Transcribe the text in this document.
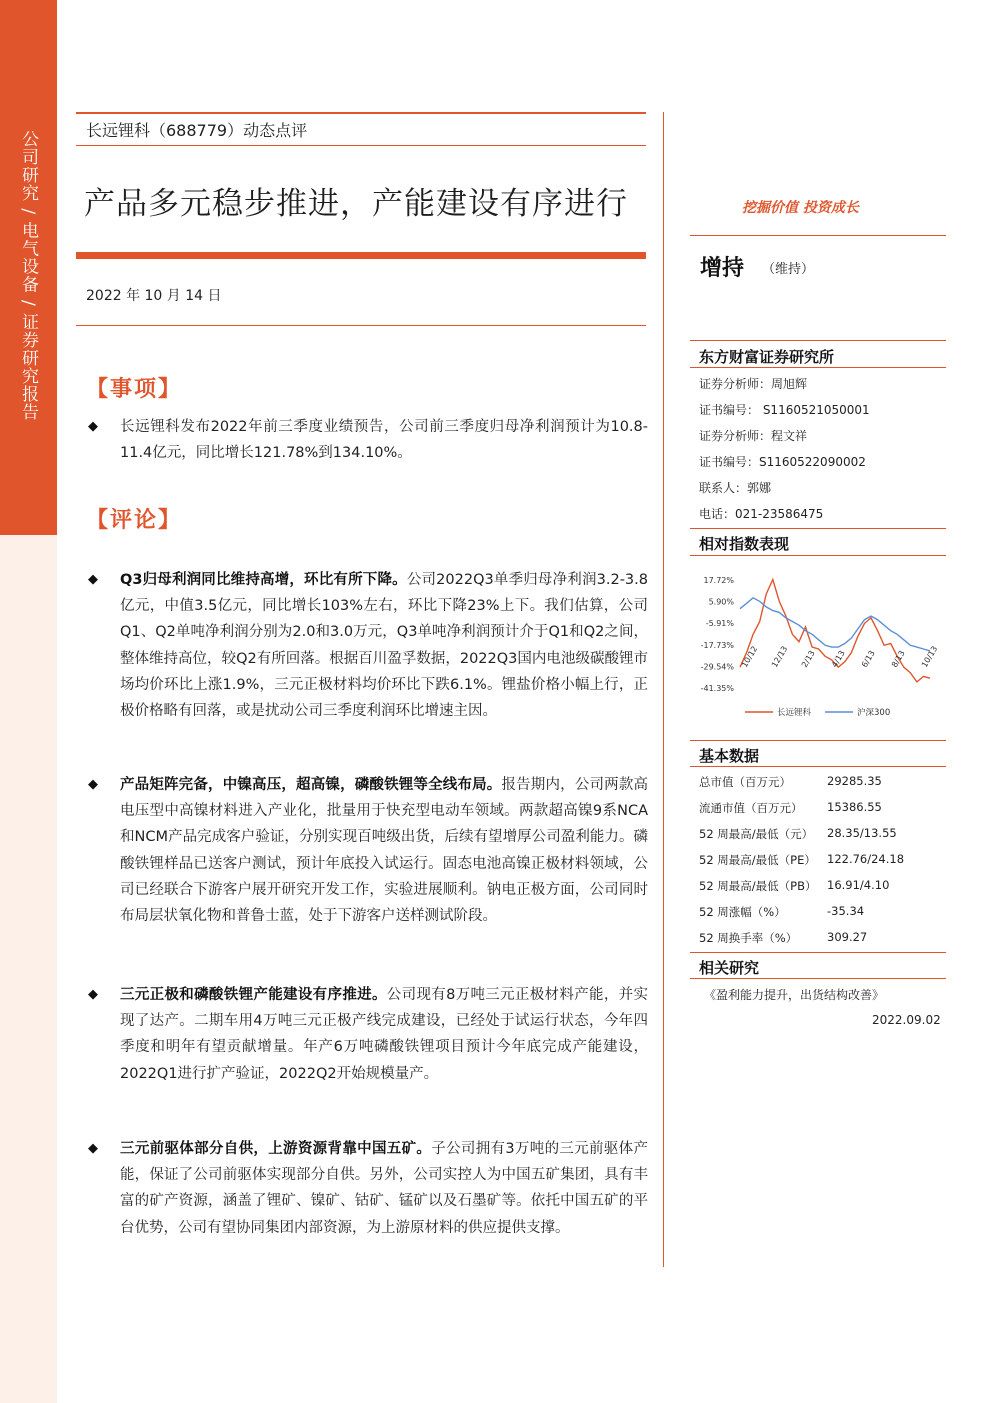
公司研究 / 电气设备 / 证券研究报告	长远锂科（688779）动态点评
产品多元稳步推进，产能建设有序进行
2022 年 10 月 14 日
【事项】
◆ 长远锂科发布2022年前三季度业绩预告，公司前三季度归母净利润预计为10.8-11.4亿元，同比增长121.78%到134.10%。
【评论】
◆ Q3归母利润同比维持高增，环比有所下降。公司2022Q3单季归母净利润3.2-3.8亿元，中值3.5亿元，同比增长103%左右，环比下降23%上下。我们估算，公司Q1、Q2单吨净利润分别为2.0和3.0万元，Q3单吨净利润预计介于Q1和Q2之间，整体维持高位，较Q2有所回落。根据百川盈孚数据，2022Q3国内电池级碳酸锂市场均价环比上涨1.9%，三元正极材料均价环比下跌6.1%。锂盐价格小幅上行，正极价格略有回落，或是扰动公司三季度利润环比增速主因。
◆ 产品矩阵完备，中镍高压，超高镍，磷酸铁锂等全线布局。报告期内，公司两款高电压型中高镍材料进入产业化，批量用于快充型电动车领域。两款超高镍9系NCA和NCM产品完成客户验证，分别实现百吨级出货，后续有望增厚公司盈利能力。磷酸铁锂样品已送客户测试，预计年底投入试运行。固态电池高镍正极材料领域，公司已经联合下游客户展开研究开发工作，实验进展顺利。钠电正极方面，公司同时布局层状氧化物和普鲁士蓝，处于下游客户送样测试阶段。
◆ 三元正极和磷酸铁锂产能建设有序推进。公司现有8万吨三元正极材料产能，并实现了达产。二期车用4万吨三元正极产线完成建设，已经处于试运行状态，今年四季度和明年有望贡献增量。年产6万吨磷酸铁锂项目预计今年底完成产能建设，2022Q1进行扩产验证，2022Q2开始规模量产。
◆ 三元前驱体部分自供，上游资源背靠中国五矿。子公司拥有3万吨的三元前驱体产能，保证了公司前驱体实现部分自供。另外，公司实控人为中国五矿集团，具有丰富的矿产资源，涵盖了锂矿、镍矿、钴矿、锰矿以及石墨矿等。依托中国五矿的平台优势，公司有望协同集团内部资源，为上游原材料的供应提供支撑。
挖掘价值 投资成长
增持 （维持）
东方财富证券研究所
证券分析师：周旭辉
证书编号： S1160521050001
证券分析师：程文祥
证书编号：S1160522090002
联系人：郭娜
电话：021-23586475
相对指数表现
17.72%
5.90%
-5.91%
-17.73%
-29.54%
-41.35%
10/12 12/13 2/13 4/13 6/13 8/13 10/13
长远锂科	沪深300
基本数据
总市值（百万元）	29285.35
流通市值（百万元） 15386.55
52 周最高/最低（元） 28.35/13.55
52 周最高/最低（PE） 122.76/24.18
52 周最高/最低（PB） 16.91/4.10
52 周涨幅（%）	-35.34
52 周换手率（%）	309.27
相关研究
《盈利能力提升，出货结构改善》
2022.09.02
